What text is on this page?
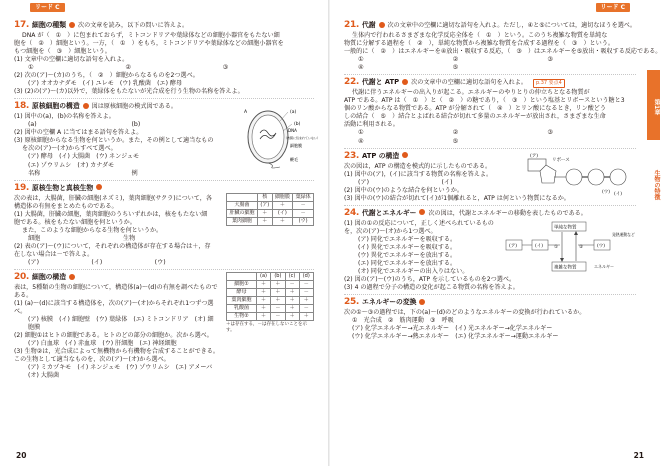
リード C
17. 細胞の種類 次の文章を読み，以下の問いに答えよ。
DNA が（　①　）に包まれておらず，ミトコンドリアや葉緑体などの細胞小器官をもたない細
胞を（　②　）細胞という。一方，（　①　）をもち，ミトコンドリアや葉緑体などの細胞小器官を
もつ細胞を（　③　）細胞という。
(1) 文章中の空欄に適切な語句を入れよ。
①	②	③
(2) 次の(ア)〜(カ)のうち，（　②　）細胞からなるものを2つ選べ。
(ア) オオカナダモ　(イ) ユレモ　(ウ) 乳酸菌　(エ) 酵母
(3) (2)の(ア)〜(カ)以外で，葉緑体をもたないが光合成を行う生物の名称を答えよ。
18. 原核細胞の構造 図は原核細胞の模式図である。
(1) 図中の(a)，(b)の名称を答えよ。
(a)	(b)
(2) 図中の空欄 A に当てはまる語句を答えよ。
(3) 原核細胞からなる生物を何というか。また，その例として適当なもの
を次の(ア)〜(オ)からすべて選べ。
(ア) 酵母　 (イ) 大腸菌　 (ウ) ネンジュモ
(エ) ゾウリムシ　 (オ) カナダモ
名称	例
(a)
(b)
A
細胞膜
鞭毛
DNA
（核膜に包まれていない）
19. 原核生物と真核生物
次の表は，大腸菌，肝臓の細胞(ネズミ)，葉肉細胞(サクラ)について，各構造体の有無をまとめたものである。
(1) 大腸菌，肝臓の細胞，葉肉細胞のうちいずれかは，核をもたない細胞である。核をもたない細胞を何というか。
また，このような細胞からなる生物を何というか。
細胞	生物
(2) 表の(ア)〜(ウ)について，それぞれの構造体が存在する場合は＋，存在しない場合は－で答えよ。
(ア)	(イ)	(ウ)
	核	細胞膜	葉緑体
大腸菌	(ア)	＋	－
肝臓の細胞	＋	(イ)	－
葉肉細胞	＋	＋	(ウ)
20. 細胞の構造
表は，5種類の生物の細胞について，構造体(a)〜(d)の有無を調べたものである。
(1) (a)〜(d)に該当する構造体を，次の(ア)〜(オ)からそれぞれ1つずつ選べ。
(ア) 核膜　(イ) 細胞壁　(ウ) 葉緑体　(エ) ミトコンドリア　(オ) 細胞膜
(2) 細胞①はヒトの細胞である。ヒトのどの部分の細胞か。次から選べ。
(ア) 白血球　(イ) 赤血球　(ウ) 肝細胞　(エ) 神経細胞
(3) 生物②は，光合成によって無機物から有機物を合成することができる。この生物として適当なものを，次の(ア)〜(オ)から選べ。
(ア) ミカヅキモ　(イ) ネンジュモ　(ウ) ゾウリムシ　(エ) アメーバ　(オ) 大腸菌
	(a)	(b)	(c)	(d)
細胞①	＋	＋	－	－
酵母	＋	＋	＋	－
葉肉細胞	＋	＋	＋	＋
乳酸菌	＋	－	＋	－
生物②	＋	－	＋	＋
＋は存在する，－は存在しないことを示す。
20
リード C
第1章
生物の特徴
21. 代謝 次の文章中の空欄に適切な語句を入れよ。ただし，④と⑤については，適切なほうを選べ。
生体内で行われるさまざまな化学反応全体を（　①　）という。このうち複雑な物質を単純な
物質に分解する過程を（　②　），単純な物質から複雑な物質を合成する過程を（　③　）という。
一般的に（　②　）はエネルギーを④放出・吸収する反応，（　③　）はエネルギーを⑤放出・吸収する反応である。
①	②	③
④	⑤
22. 代謝と ATP 次の文章中の空欄に適切な語句を入れよ。	p.37 要点4
代謝に伴うエネルギーの出入りが起こる。エネルギーのやりとりの仲立ちとなる物質が
ATP である。ATP は（　①　）と（　②　）の糖であり，（　③　）という塩基とリボースという糖と3
個のリン酸からなる物質である。ATP が分解されて（　④　）とリン酸になるとき，リン酸どう
しの結合（　⑤　）結合とよばれる結合が切れて多量のエネルギーが放出され，さまざまな生命
活動に利用される。
①	②	③
④	⑤
23. ATP の構造
次の図は，ATP の構造を模式的に示したものである。
(1) 図中の(ア)，(イ)に該当する物質の名称を答えよ。
(ア)	(イ)
(2) 図中の(ウ)のような結合を何というか。
(3) 図中の(ウ)の結合が切れて(イ)が1個離れると，ATP は何という物質になるか。
(ア)
リボース
(イ)
(ウ)
24. 代謝とエネルギー 次の図は，代謝とエネルギーの移動を表したものである。
(1) 図の①の反応について，正しく述べられているものを，次の(ア)〜(オ)から1つ選べ。
(ア) 同化でエネルギーを吸収する。
(イ) 異化でエネルギーを吸収する。
(ウ) 異化でエネルギーを放出する。
(エ) 同化でエネルギーを放出する。
(オ) 同化でエネルギーの出入りはない。
(2) 図の(ア)〜(ウ)のうち，ATP を示しているものを2つ選べ。
(3) 4 の過程で分子の構造の変化が起こる物質の名称を答えよ。
単純な物質
複雑な物質
①	②
(ア)	(イ)	(ウ)
エネルギー
発熱運動など
25. エネルギーの変換
次の①〜③の過程では，下の(a)〜(d)のどのようなエネルギーの変換が行われているか。
①　光合成　②　筋肉運動　③　呼吸
(ア) 化学エネルギー→光エネルギー　 (イ) 光エネルギー→化学エネルギー
(ウ) 化学エネルギー→熱エネルギー　 (エ) 化学エネルギー→運動エネルギー
21
